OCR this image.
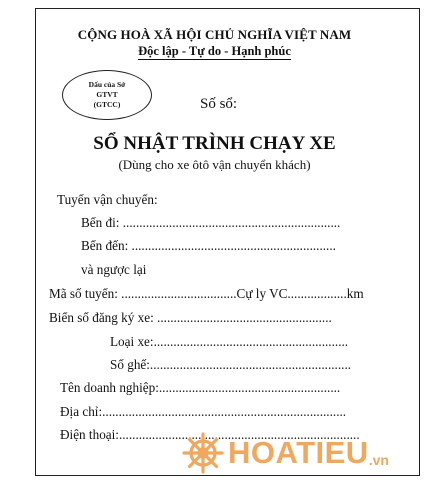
CỘNG HOÀ XÃ HỘI CHỦ NGHĨA VIỆT NAM
Độc lập - Tự do - Hạnh phúc
Dấu của Sở
GTVT
(GTCC)	Số sổ:
SỔ NHẬT TRÌNH CHẠY XE
(Dùng cho xe ôtô vận chuyển khách)
Tuyến vận chuyển:
Bến đi: ..................................................................
Bến đến: ..............................................................
và ngược lại
Mã số tuyến: ...................................Cự ly VC..................km
Biển số đăng ký xe: .....................................................
Loại xe:...........................................................
Số ghế:.............................................................
Tên doanh nghiệp:.......................................................
Địa chỉ:..........................................................................
Điện thoại:.........................................................................
HOATIEU .vn
